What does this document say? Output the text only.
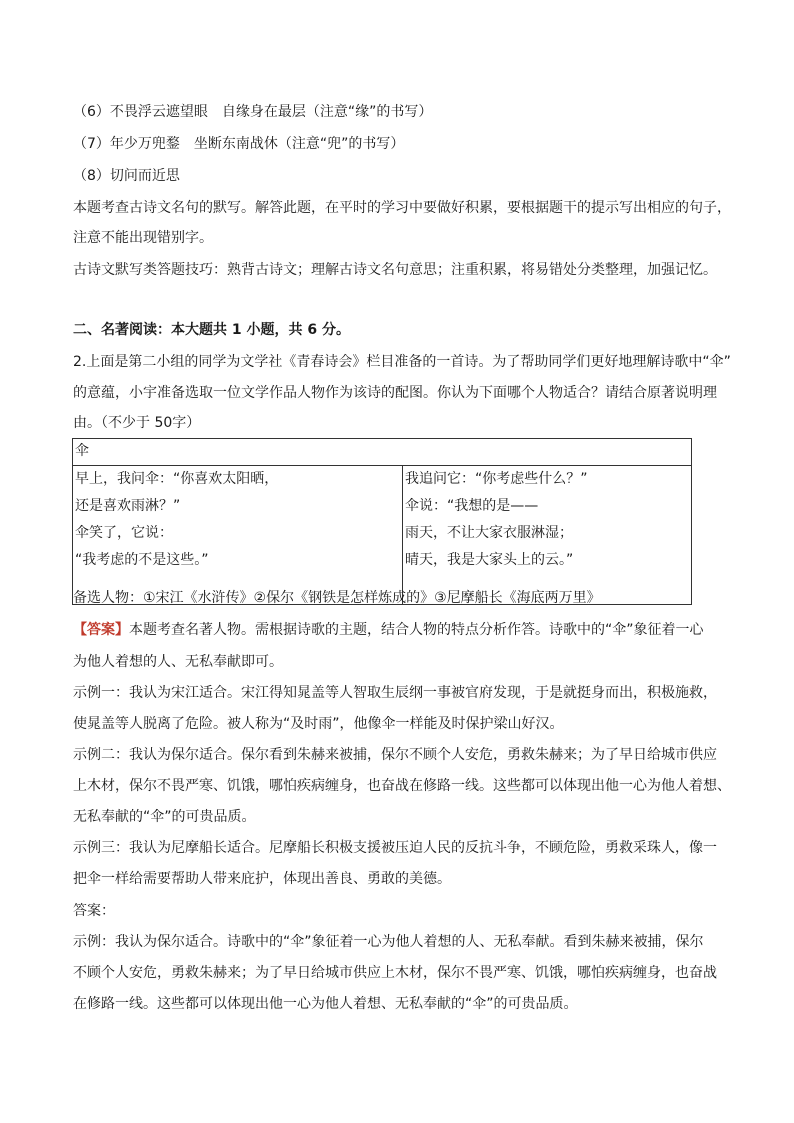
（6）不畏浮云遮望眼　自缘身在最层（注意“缘”的书写）
（7）年少万兜鍪　坐断东南战休（注意“兜”的书写）
（8）切问而近思
本题考查古诗文名句的默写。解答此题，在平时的学习中要做好积累，要根据题干的提示写出相应的句子，
注意不能出现错别字。
古诗文默写类答题技巧：熟背古诗文；理解古诗文名句意思；注重积累，将易错处分类整理，加强记忆。
二、名著阅读：本大题共 1 小题，共 6 分。
2.上面是第二小组的同学为文学社《青春诗会》栏目准备的一首诗。为了帮助同学们更好地理解诗歌中“伞”
的意蕴，小宇准备选取一位文学作品人物作为该诗的配图。你认为下面哪个人物适合？请结合原著说明理
由。（不少于 50字）
伞

早上，我问伞：“你喜欢太阳晒，
还是喜欢雨淋？”
伞笑了，它说：
“我考虑的不是这些。”

我追问它：“你考虑些什么？”
伞说：“我想的是——
雨天，不让大家衣服淋湿；
晴天，我是大家头上的云。”
备选人物：①宋江《水浒传》②保尔《钢铁是怎样炼成的》③尼摩船长《海底两万里》
【答案】本题考查名著人物。需根据诗歌的主题，结合人物的特点分析作答。诗歌中的“伞”象征着一心
为他人着想的人、无私奉献即可。
示例一：我认为宋江适合。宋江得知晁盖等人智取生辰纲一事被官府发现，于是就挺身而出，积极施救，
使晁盖等人脱离了危险。被人称为“及时雨”，他像伞一样能及时保护梁山好汉。
示例二：我认为保尔适合。保尔看到朱赫来被捕，保尔不顾个人安危，勇救朱赫来；为了早日给城市供应
上木材，保尔不畏严寒、饥饿，哪怕疾病缠身，也奋战在修路一线。这些都可以体现出他一心为他人着想、
无私奉献的“伞”的可贵品质。
示例三：我认为尼摩船长适合。尼摩船长积极支援被压迫人民的反抗斗争，不顾危险，勇救采珠人，像一
把伞一样给需要帮助人带来庇护，体现出善良、勇敢的美德。
答案：
示例：我认为保尔适合。诗歌中的“伞”象征着一心为他人着想的人、无私奉献。看到朱赫来被捕，保尔
不顾个人安危，勇救朱赫来；为了早日给城市供应上木材，保尔不畏严寒、饥饿，哪怕疾病缠身，也奋战
在修路一线。这些都可以体现出他一心为他人着想、无私奉献的“伞”的可贵品质。
